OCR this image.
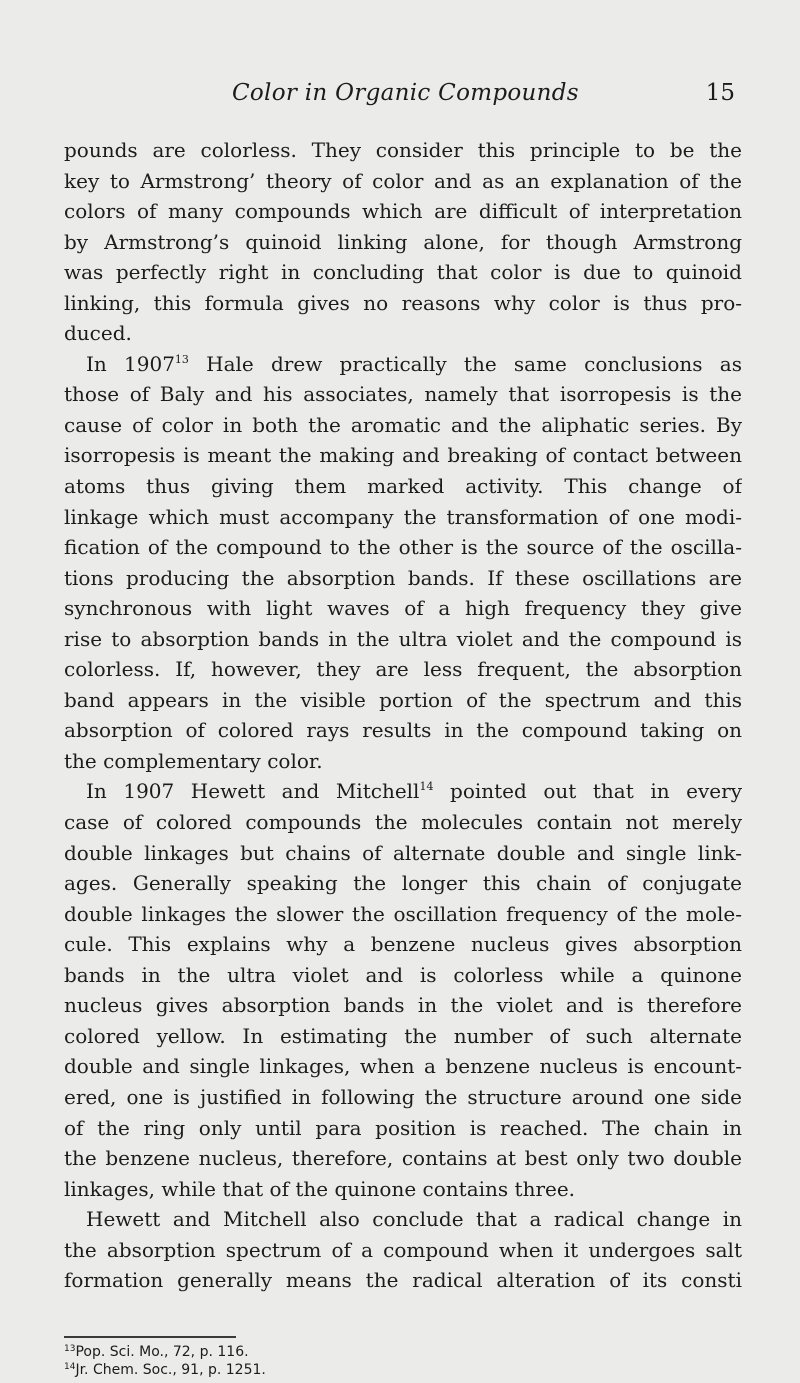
Color in Organic Compounds	15
pounds are colorless. They consider this principle to be the
key to Armstrong’ theory of color and as an explanation of the
colors of many compounds which are difficult of interpretation
by Armstrong’s quinoid linking alone, for though Armstrong
was perfectly right in concluding that color is due to quinoid
linking, this formula gives no reasons why color is thus pro-
duced.
In 1907$^{13}$ Hale drew practically the same conclusions as
those of Baly and his associates, namely that isorropesis is the
cause of color in both the aromatic and the aliphatic series. By
isorropesis is meant the making and breaking of contact between
atoms thus giving them marked activity. This change of
linkage which must accompany the transformation of one modi-
fication of the compound to the other is the source of the oscilla-
tions producing the absorption bands. If these oscillations are
synchronous with light waves of a high frequency they give
rise to absorption bands in the ultra violet and the compound is
colorless. If, however, they are less frequent, the absorption
band appears in the visible portion of the spectrum and this
absorption of colored rays results in the compound taking on
the complementary color.
In 1907 Hewett and Mitchell$^{14}$ pointed out that in every
case of colored compounds the molecules contain not merely
double linkages but chains of alternate double and single link-
ages. Generally speaking the longer this chain of conjugate
double linkages the slower the oscillation frequency of the mole-
cule. This explains why a benzene nucleus gives absorption
bands in the ultra violet and is colorless while a quinone
nucleus gives absorption bands in the violet and is therefore
colored yellow. In estimating the number of such alternate
double and single linkages, when a benzene nucleus is encount-
ered, one is justified in following the structure around one side
of the ring only until para position is reached. The chain in
the benzene nucleus, therefore, contains at best only two double
linkages, while that of the quinone contains three.
Hewett and Mitchell also conclude that a radical change in
the absorption spectrum of a compound when it undergoes salt
formation generally means the radical alteration of its consti
$^{13}$Pop. Sci. Mo., 72, p. 116.
$^{14}$Jr. Chem. Soc., 91, p. 1251.
